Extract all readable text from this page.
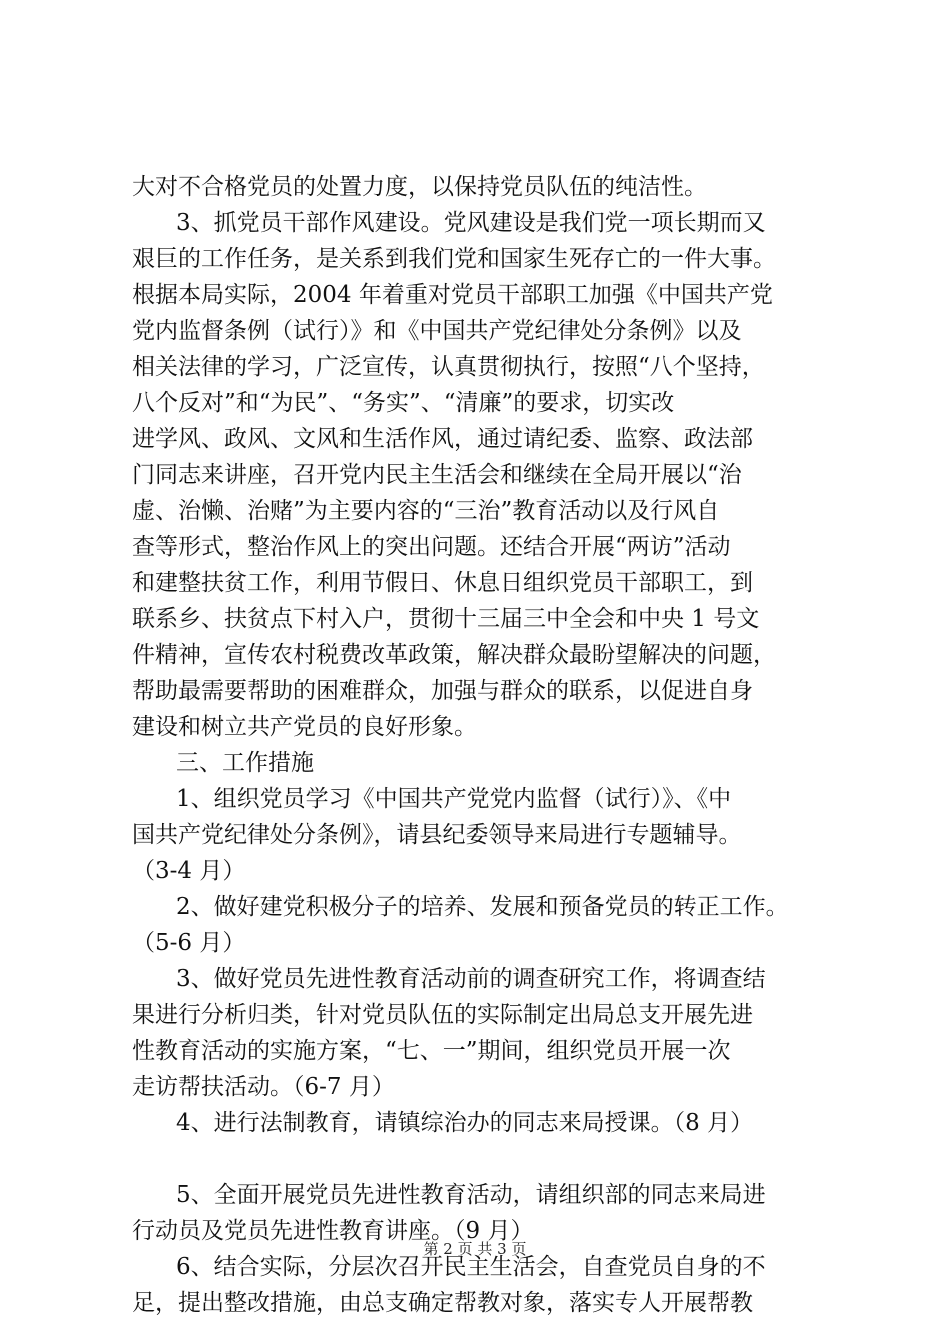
大对不合格党员的处置力度，以保持党员队伍的纯洁性。
3、抓党员干部作风建设。党风建设是我们党一项长期而又
艰巨的工作任务，是关系到我们党和国家生死存亡的一件大事。
根据本局实际，2004 年着重对党员干部职工加强《中国共产党
党内监督条例（试行）》和《中国共产党纪律处分条例》以及
相关法律的学习，广泛宣传，认真贯彻执行，按照“八个坚持，
八个反对”和“为民”、“务实”、“清廉”的要求，切实改
进学风、政风、文风和生活作风，通过请纪委、监察、政法部
门同志来讲座，召开党内民主生活会和继续在全局开展以“治
虚、治懒、治赌”为主要内容的“三治”教育活动以及行风自
查等形式，整治作风上的突出问题。还结合开展“两访”活动
和建整扶贫工作，利用节假日、休息日组织党员干部职工，到
联系乡、扶贫点下村入户，贯彻十三届三中全会和中央 1 号文
件精神，宣传农村税费改革政策，解决群众最盼望解决的问题，
帮助最需要帮助的困难群众，加强与群众的联系，以促进自身
建设和树立共产党员的良好形象。
三、工作措施
1、组织党员学习《中国共产党党内监督（试行）》、《中
国共产党纪律处分条例》，请县纪委领导来局进行专题辅导。
（3-4 月）
2、做好建党积极分子的培养、发展和预备党员的转正工作。
（5-6 月）
3、做好党员先进性教育活动前的调查研究工作，将调查结
果进行分析归类，针对党员队伍的实际制定出局总支开展先进
性教育活动的实施方案，“七、一”期间，组织党员开展一次
走访帮扶活动。（6-7 月）
4、进行法制教育，请镇综治办的同志来局授课。（8 月）
5、全面开展党员先进性教育活动，请组织部的同志来局进
行动员及党员先进性教育讲座。（9 月）
6、结合实际，分层次召开民主生活会，自查党员自身的不
足，提出整改措施，由总支确定帮教对象，落实专人开展帮教
第 2 页 共 3 页
